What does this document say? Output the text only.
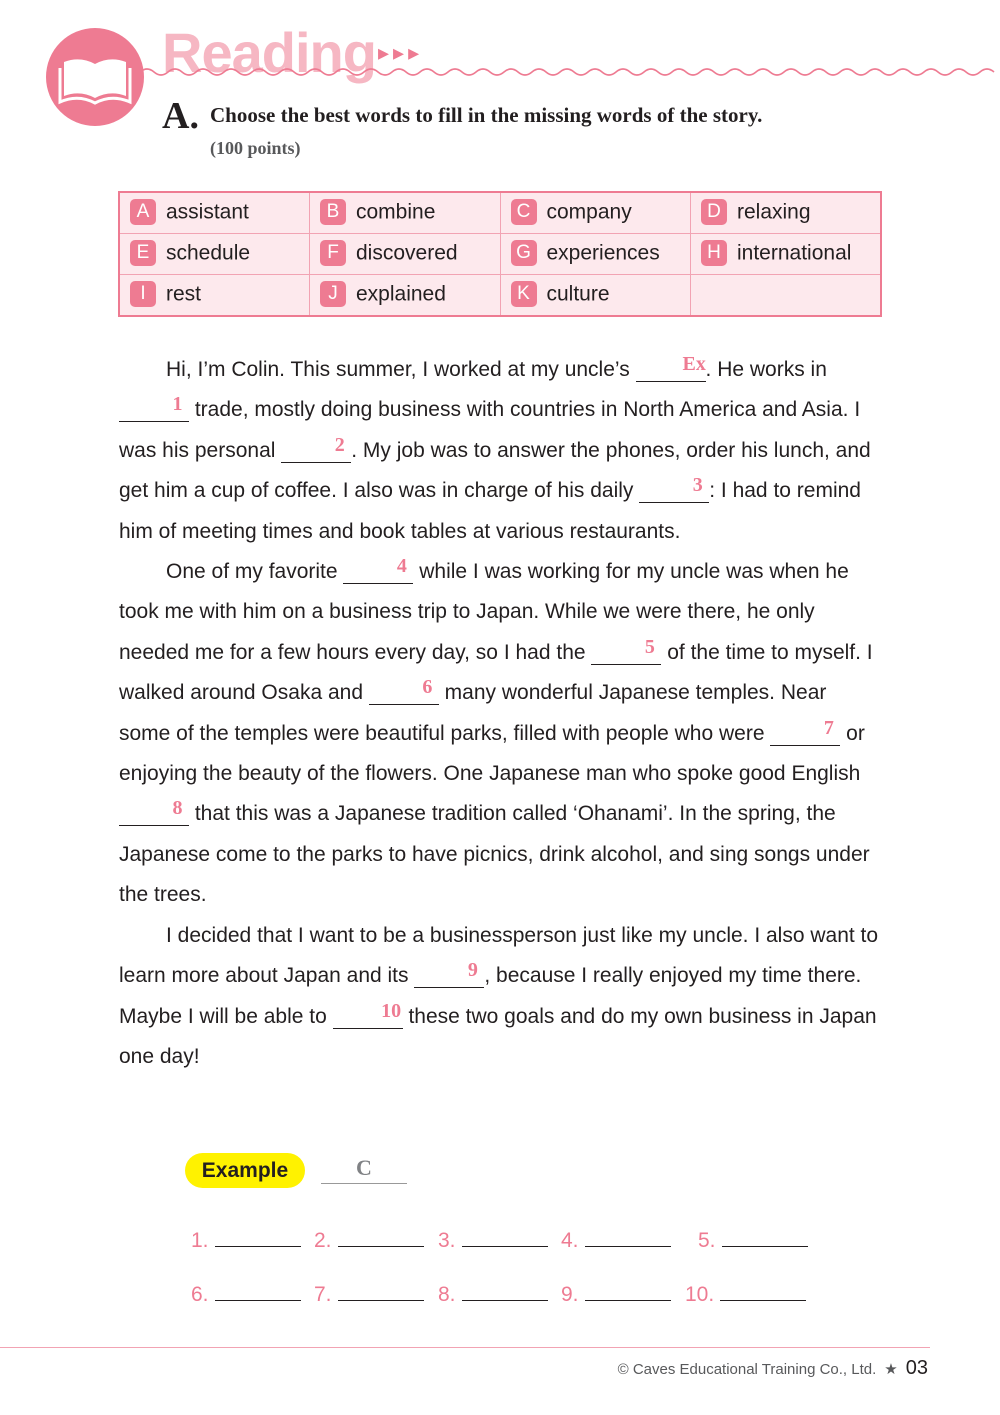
Reading ▸▸▸
A. Choose the best words to fill in the missing words of the story.
(100 points)
A assistant	B combine	C company	D relaxing
E schedule	F discovered	G experiences	H international
I rest	J explained	K culture	

Hi, I’m Colin. This summer, I worked at my uncle’s Ex. He works in 1 trade, mostly doing business with countries in North America and Asia. I was his personal	2 . My job was to answer the phones, order his lunch, and get him a cup of coffee. I also was in charge of his daily	3 : I had to remind him of meeting times and book tables at various restaurants.

One of my favorite	4 while I was working for my uncle was when he took me with him on a business trip to Japan. While we were there, he only needed me for a few hours every day, so I had the	5 of the time to myself. I walked around Osaka and	6 many wonderful Japanese temples. Near some of the temples were beautiful parks, filled with people who were	7 or enjoying the beauty of the flowers. One Japanese man who spoke good English 8 that this was a Japanese tradition called ‘Ohanami’. In the spring, the Japanese come to the parks to have picnics, drink alcohol, and sing songs under the trees.

I decided that I want to be a businessperson just like my uncle. I also want to learn more about Japan and its	9 , because I really enjoyed my time there. Maybe I will be able to 10 these two goals and do my own business in Japan one day!

Example	C
1.	2.	3.	4.	5.
6.	7.	8.	9.	10.
© Caves Educational Training Co., Ltd. ★ 03
